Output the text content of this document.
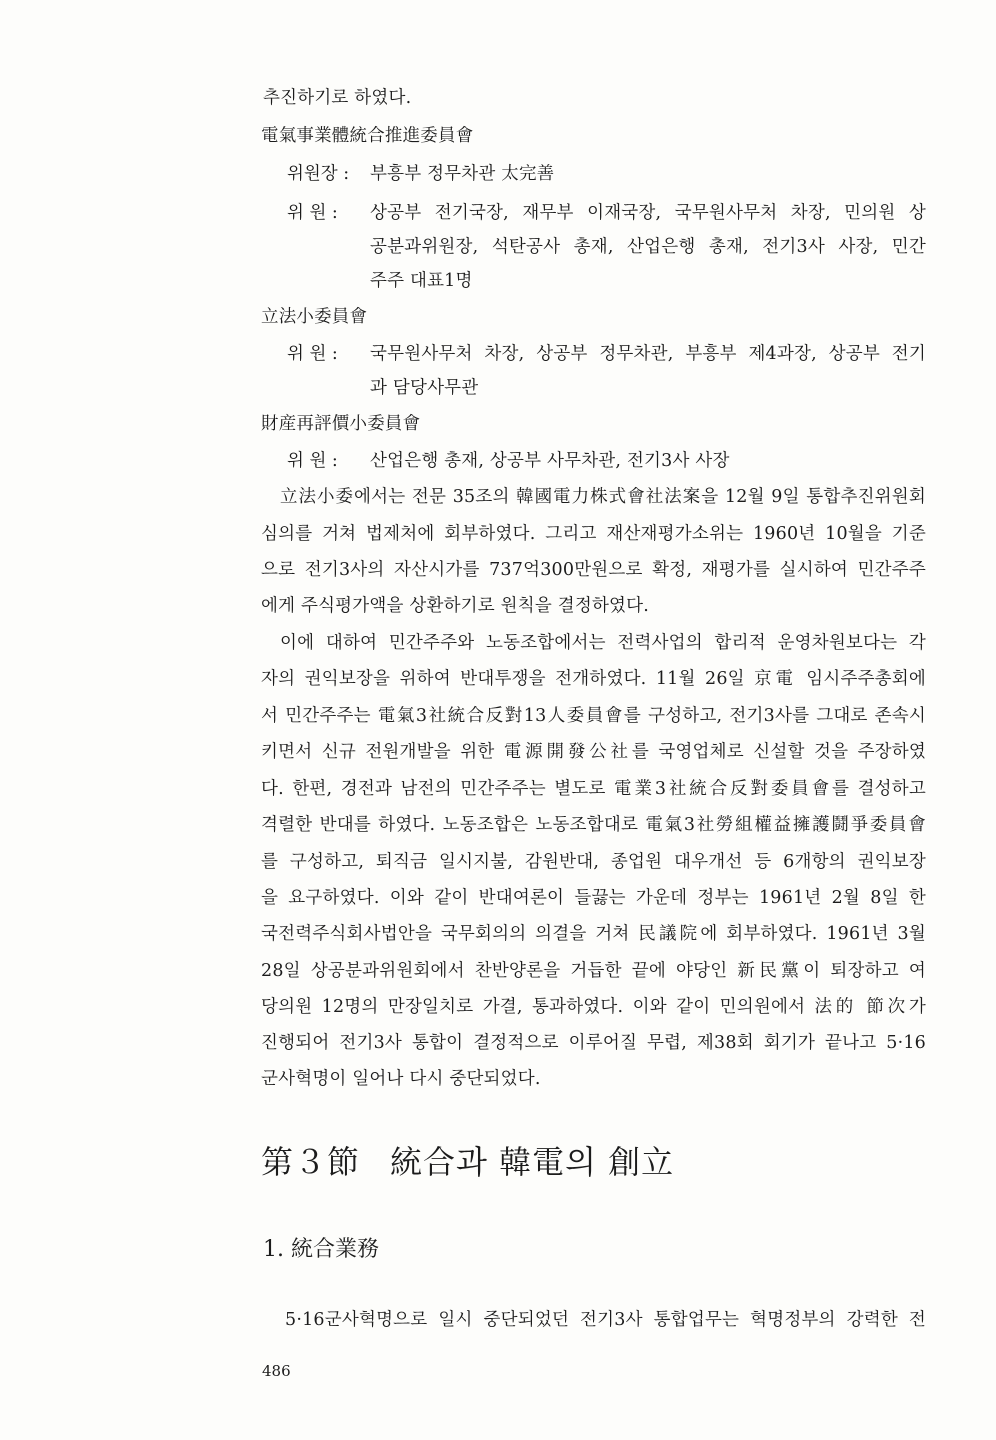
추진하기로 하였다.
電氣事業體統合推進委員會
위원장 : 부흥부 정무차관 太完善
위 원 : 상공부 전기국장, 재무부 이재국장, 국무원사무처 차장, 민의원 상
공분과위원장, 석탄공사 총재, 산업은행 총재, 전기3사 사장, 민간
주주 대표1명
立法小委員會
위 원 : 국무원사무처 차장, 상공부 정무차관, 부흥부 제4과장, 상공부 전기
과 담당사무관
財産再評價小委員會
위 원 : 산업은행 총재, 상공부 사무차관, 전기3사 사장
立法小委에서는 전문 35조의 韓國電力株式會社法案을 12월 9일 통합추진위원회
심의를 거쳐 법제처에 회부하였다. 그리고 재산재평가소위는 1960년 10월을 기준
으로 전기3사의 자산시가를 737억300만원으로 확정, 재평가를 실시하여 민간주주
에게 주식평가액을 상환하기로 원칙을 결정하였다.
이에 대하여 민간주주와 노동조합에서는 전력사업의 합리적 운영차원보다는 각
자의 권익보장을 위하여 반대투쟁을 전개하였다. 11월 26일 京電 임시주주총회에
서 민간주주는 電氣3社統合反對13人委員會를 구성하고, 전기3사를 그대로 존속시
키면서 신규 전원개발을 위한 電源開發公社를 국영업체로 신설할 것을 주장하였
다. 한편, 경전과 남전의 민간주주는 별도로 電業3社統合反對委員會를 결성하고
격렬한 반대를 하였다. 노동조합은 노동조합대로 電氣3社勞組權益擁護鬪爭委員會
를 구성하고, 퇴직금 일시지불, 감원반대, 종업원 대우개선 등 6개항의 권익보장
을 요구하였다. 이와 같이 반대여론이 들끓는 가운데 정부는 1961년 2월 8일 한
국전력주식회사법안을 국무회의의 의결을 거쳐 民議院에 회부하였다. 1961년 3월
28일 상공분과위원회에서 찬반양론을 거듭한 끝에 야당인 新民黨이 퇴장하고 여
당의원 12명의 만장일치로 가결, 통과하였다. 이와 같이 민의원에서 法的 節次가
진행되어 전기3사 통합이 결정적으로 이루어질 무렵, 제38회 회기가 끝나고 5·16
군사혁명이 일어나 다시 중단되었다.
第３節 統合과 韓電의 創立
1. 統合業務
5·16군사혁명으로 일시 중단되었던 전기3사 통합업무는 혁명정부의 강력한 전
486
